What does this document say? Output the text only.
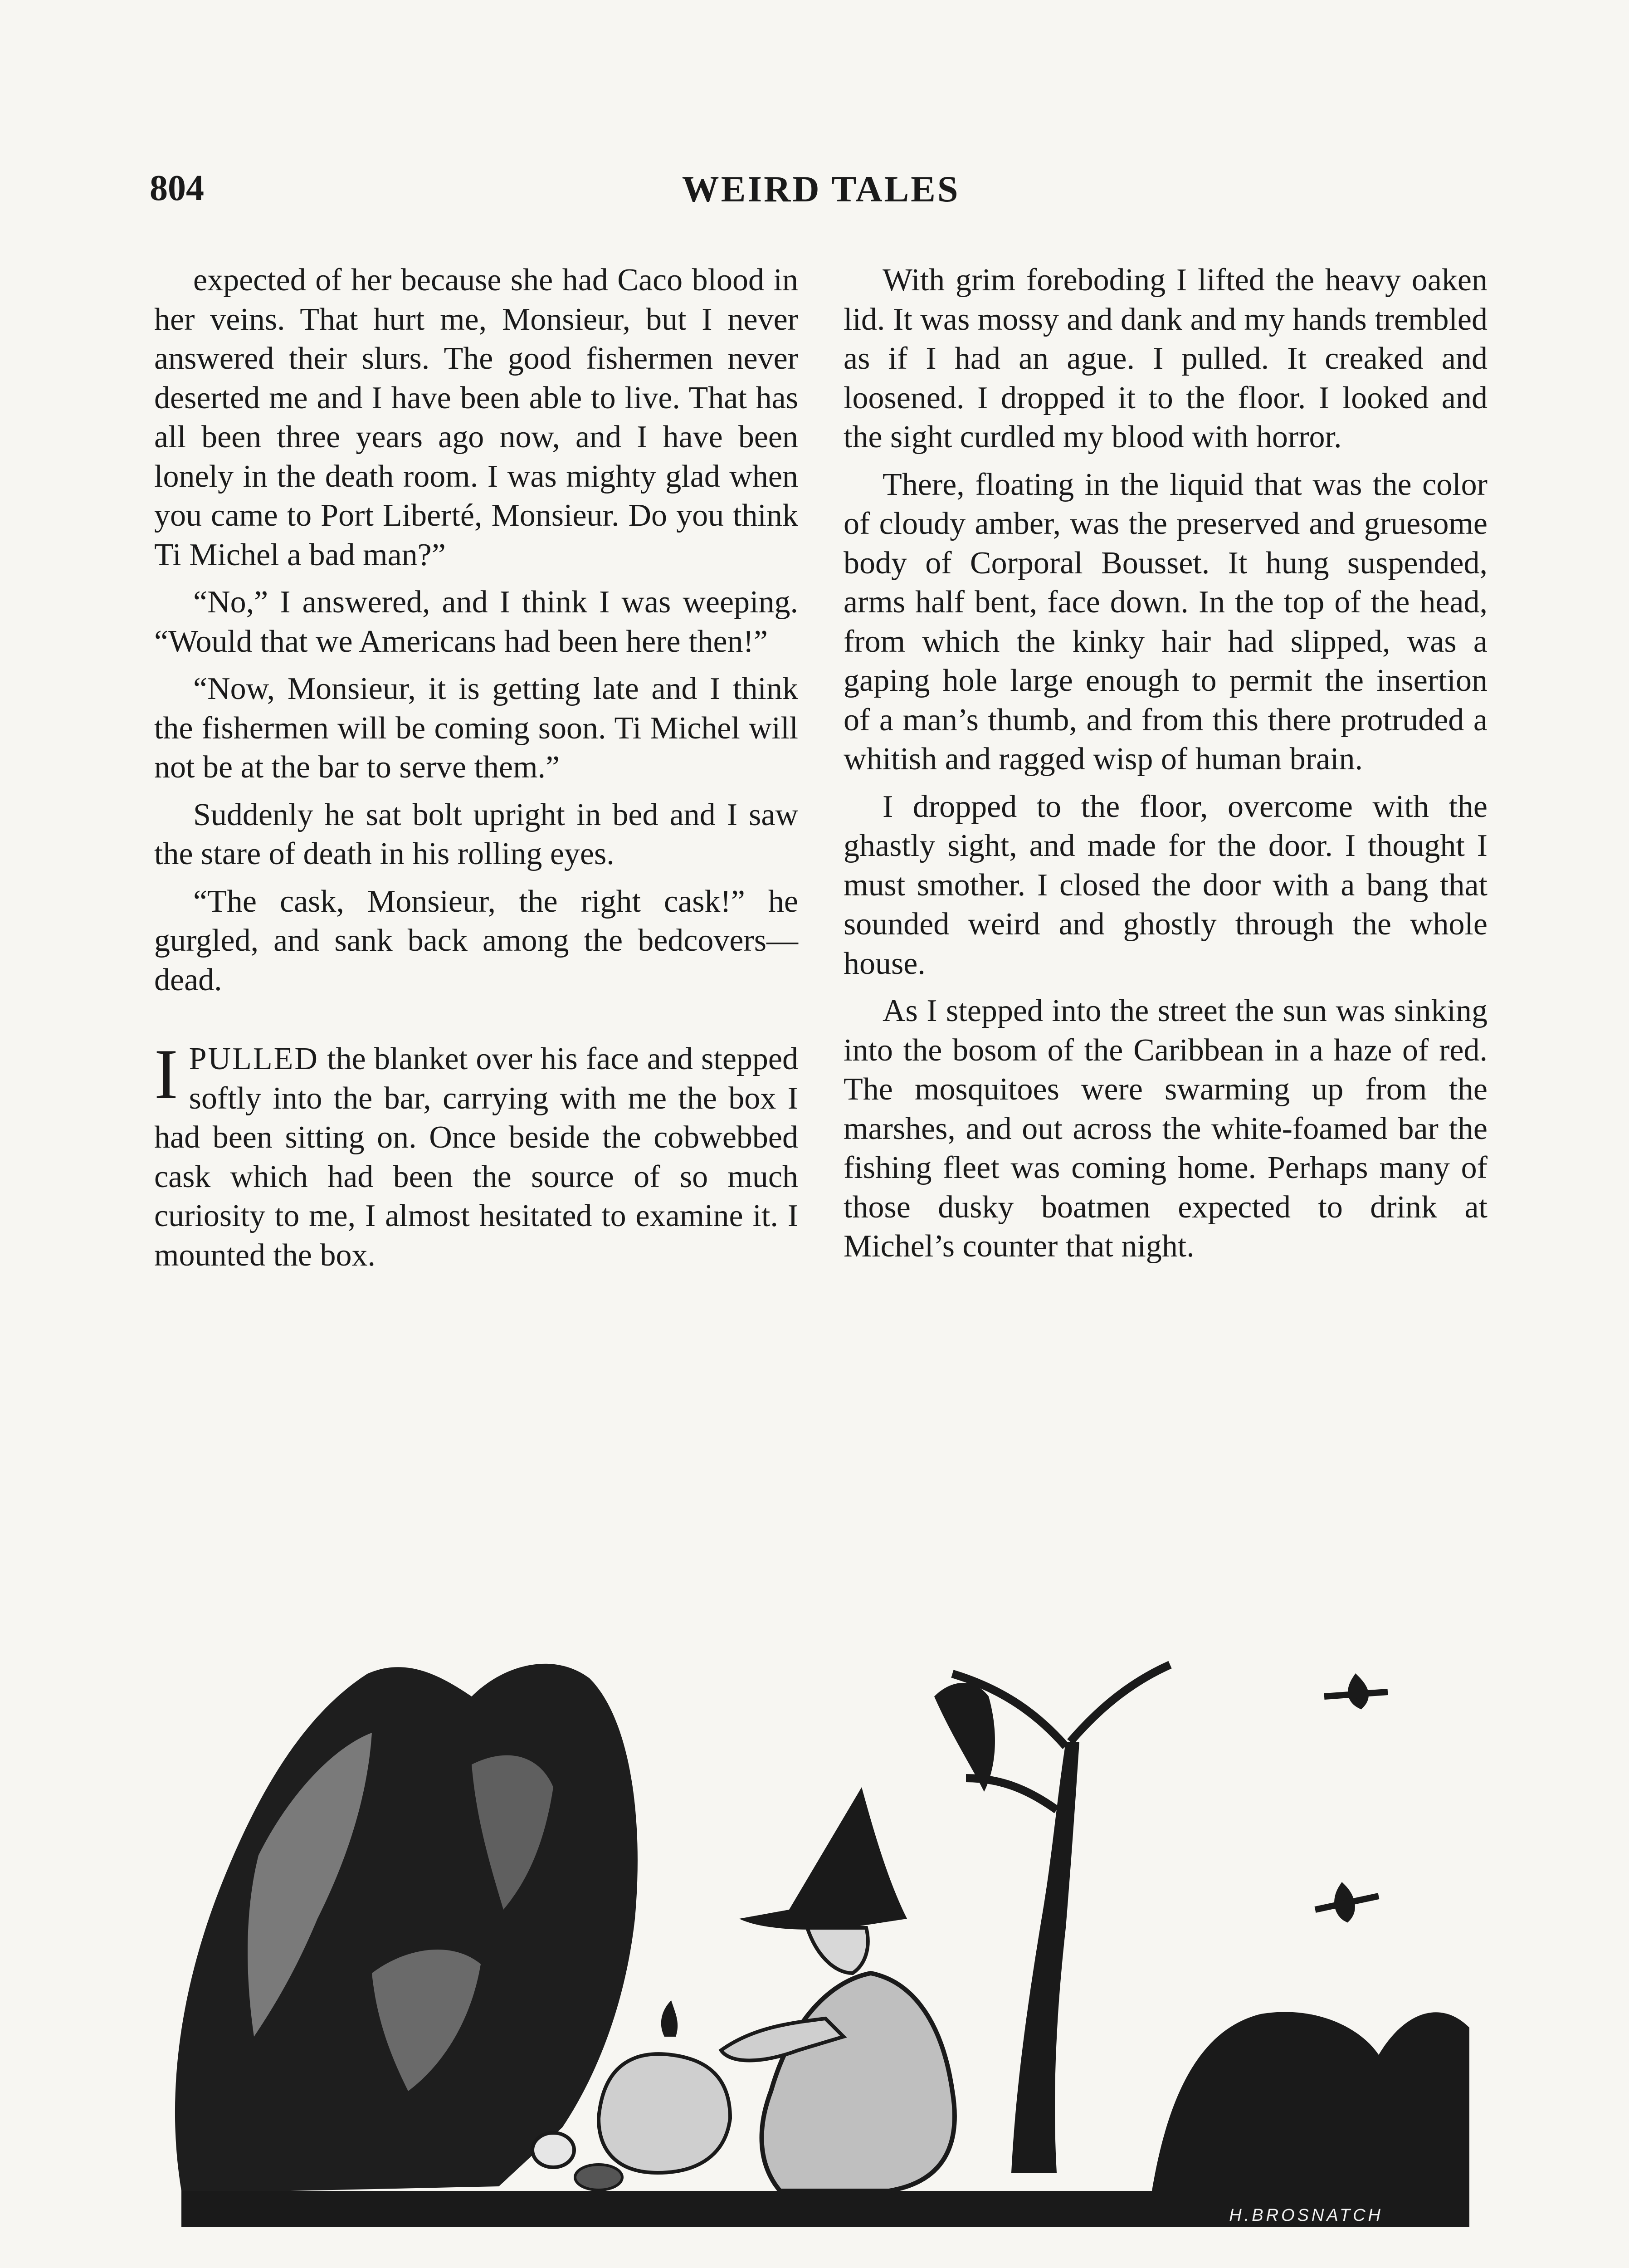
804	WEIRD TALES

expected of her because she had Caco blood in her veins. That hurt me, Monsieur, but I never answered their slurs. The good fishermen never deserted me and I have been able to live. That has all been three years ago now, and I have been lonely in the death room. I was mighty glad when you came to Port Liberté, Monsieur. Do you think Ti Michel a bad man?”

“No,” I answered, and I think I was weeping. “Would that we Americans had been here then!”

“Now, Monsieur, it is getting late and I think the fishermen will be coming soon. Ti Michel will not be at the bar to serve them.”

Suddenly he sat bolt upright in bed and I saw the stare of death in his rolling eyes.

“The cask, Monsieur, the right cask!” he gurgled, and sank back among the bedcovers—dead.

IPULLED the blanket over his face and stepped softly into the bar, carrying with me the box I had been sitting on. Once beside the cobwebbed cask which had been the source of so much curiosity to me, I almost hesitated to examine it. I mounted the box.

With grim foreboding I lifted the heavy oaken lid. It was mossy and dank and my hands trembled as if I had an ague. I pulled. It creaked and loosened. I dropped it to the floor. I looked and the sight curdled my blood with horror.

There, floating in the liquid that was the color of cloudy amber, was the preserved and gruesome body of Corporal Bousset. It hung suspended, arms half bent, face down. In the top of the head, from which the kinky hair had slipped, was a gaping hole large enough to permit the insertion of a man’s thumb, and from this there protruded a whitish and ragged wisp of human brain.

I dropped to the floor, overcome with the ghastly sight, and made for the door. I thought I must smother. I closed the door with a bang that sounded weird and ghostly through the whole house.

As I stepped into the street the sun was sinking into the bosom of the Caribbean in a haze of red. The mosquitoes were swarming up from the marshes, and out across the white-foamed bar the fishing fleet was coming home. Perhaps many of those dusky boatmen expected to drink at Michel’s counter that night.

H.BROSNATCH
